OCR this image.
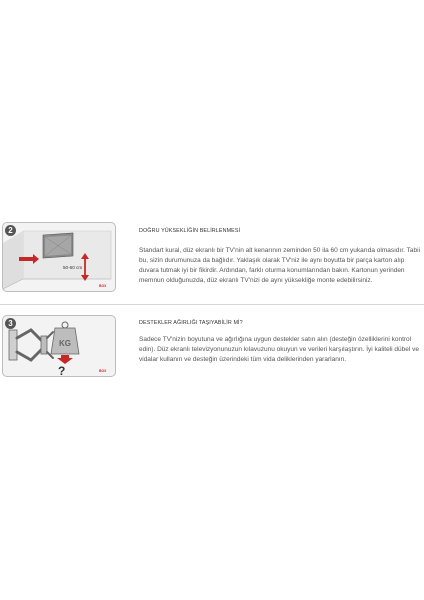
50-60 cm
BOX
2	DOĞRU YÜKSEKLİĞİN BELİRLENMESİ

Standart kural, düz ekranlı bir TV'nin alt kenarının zeminden 50 ila 60 cm yukarıda olmasıdır. Tabii bu, sizin durumunuza da bağlıdır. Yaklaşık olarak TV'niz ile aynı boyutta bir parça karton alıp duvara tutmak iyi bir fikirdir. Ardından, farklı oturma konumlarından bakın. Kartonun yerinden memnun olduğunuzda, düz ekranlı TV'nizi de aynı yüksekliğe monte edebilirsiniz.

KG
?	BOX
3	DESTEKLER AĞIRLIĞI TAŞIYABİLİR Mİ?

Sadece TV'nizin boyutuna ve ağırlığına uygun destekler satın alın (desteğin özelliklerini kontrol edin). Düz ekranlı televizyonunuzun kılavuzunu okuyun ve verileri karşılaştırın. İyi kaliteli dübel ve vidalar kullanın ve desteğin üzerindeki tüm vida deliklerinden yararlanın.
